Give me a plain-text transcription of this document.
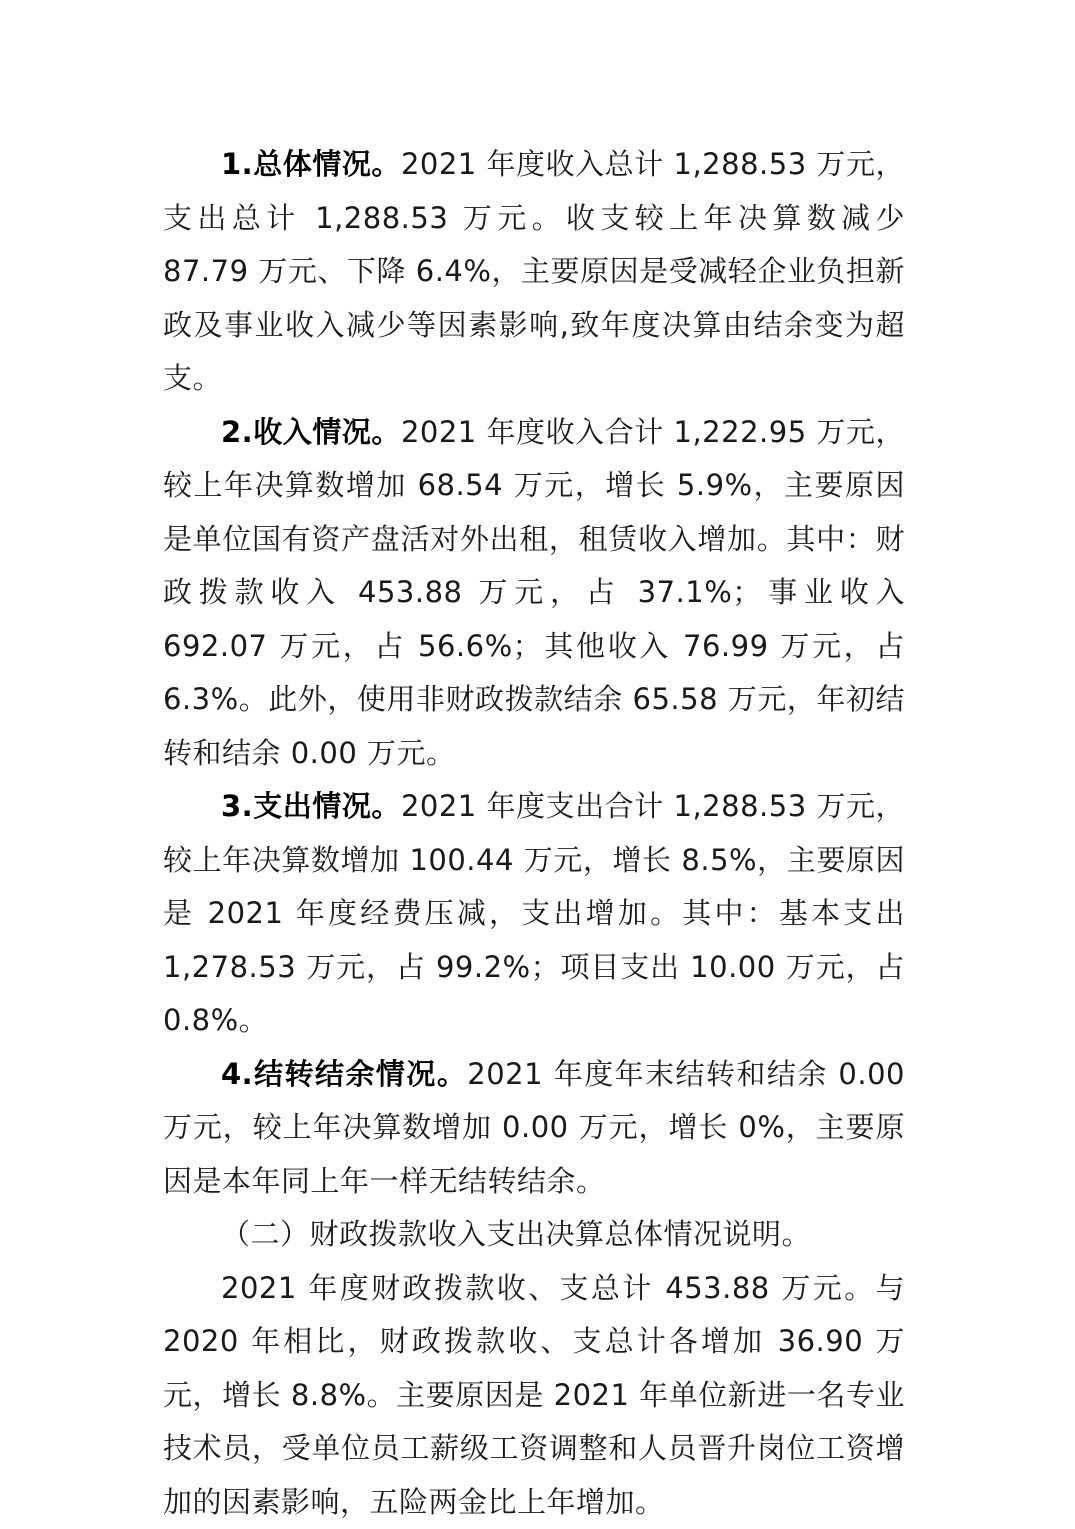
1.总体情况。2021 年度收入总计 1,288.53 万元，支出总计 1,288.53 万元。收支较上年决算数减少 87.79 万元、下降 6.4%，主要原因是受减轻企业负担新政及事业收入减少等因素影响,致年度决算由结余变为超支。

2.收入情况。2021 年度收入合计 1,222.95 万元，较上年决算数增加 68.54 万元，增长 5.9%，主要原因是单位国有资产盘活对外出租，租赁收入增加。其中：财政拨款收入 453.88 万元，占 37.1%；事业收入 692.07 万元，占 56.6%；其他收入 76.99 万元，占 6.3%。此外，使用非财政拨款结余 65.58 万元，年初结转和结余 0.00 万元。

3.支出情况。2021 年度支出合计 1,288.53 万元，较上年决算数增加 100.44 万元，增长 8.5%，主要原因是 2021 年度经费压减，支出增加。其中：基本支出 1,278.53 万元，占 99.2%；项目支出 10.00 万元，占 0.8%。

4.结转结余情况。2021 年度年末结转和结余 0.00 万元，较上年决算数增加 0.00 万元，增长 0%，主要原因是本年同上年一样无结转结余。

（二）财政拨款收入支出决算总体情况说明。

2021 年度财政拨款收、支总计 453.88 万元。与 2020 年相比，财政拨款收、支总计各增加 36.90 万元，增长 8.8%。主要原因是 2021 年单位新进一名专业技术员，受单位员工薪级工资调整和人员晋升岗位工资增加的因素影响，五险两金比上年增加。
